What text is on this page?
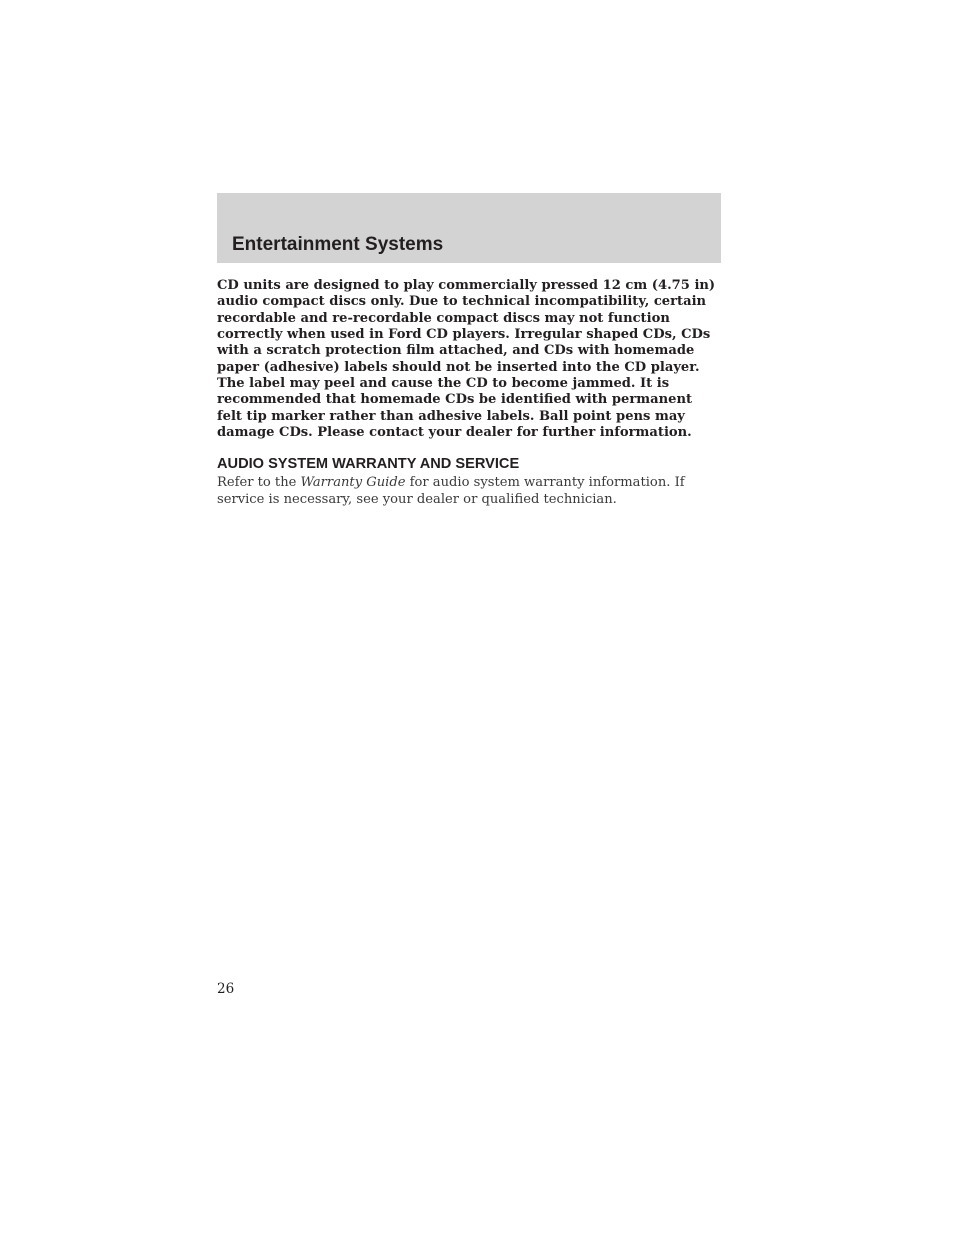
Entertainment Systems

CD units are designed to play commercially pressed 12 cm (4.75 in) audio compact discs only. Due to technical incompatibility, certain recordable and re-recordable compact discs may not function correctly when used in Ford CD players. Irregular shaped CDs, CDs with a scratch protection film attached, and CDs with homemade paper (adhesive) labels should not be inserted into the CD player. The label may peel and cause the CD to become jammed. It is recommended that homemade CDs be identified with permanent felt tip marker rather than adhesive labels. Ball point pens may damage CDs. Please contact your dealer for further information.

AUDIO SYSTEM WARRANTY AND SERVICE

Refer to the Warranty Guide for audio system warranty information. If service is necessary, see your dealer or qualified technician.

26
